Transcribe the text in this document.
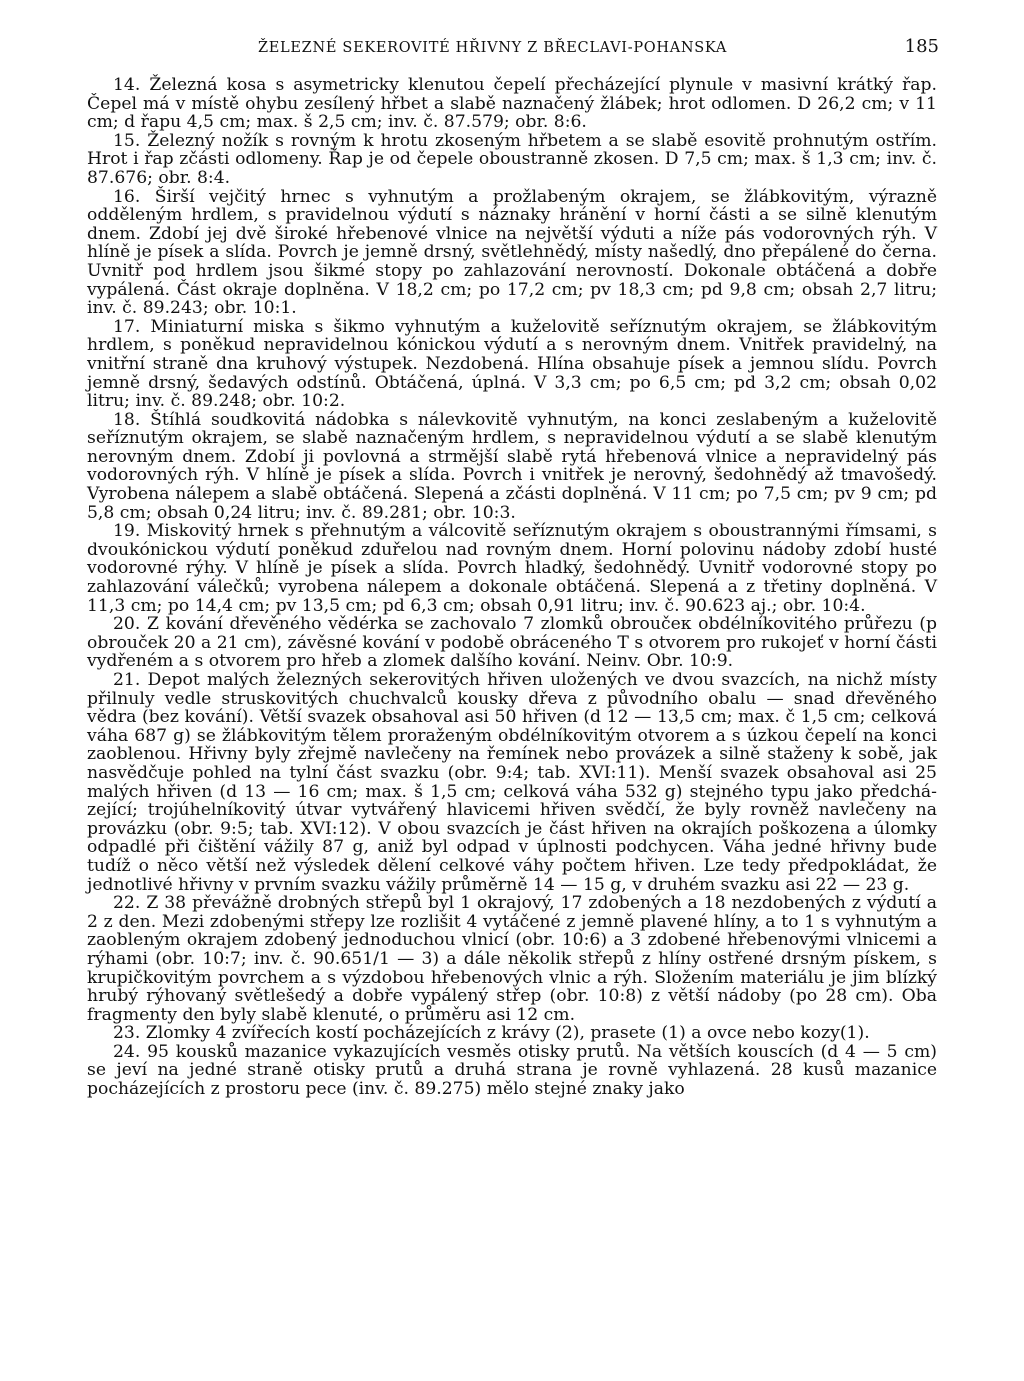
ŽELEZNÉ SEKEROVITÉ HŘIVNY Z BŘECLAVI-POHANSKA	185

14. Železná kosa s asymetricky klenutou čepelí přecházející plynule v masivní krátký řap. Čepel má v místě ohybu zesílený hřbet a slabě naznačený žlábek; hrot odlomen. D 26,2 cm; v 11 cm; d řapu 4,5 cm; max. š 2,5 cm; inv. č. 87.579; obr. 8:6.

15. Železný nožík s rovným k hrotu zkoseným hřbetem a se slabě esovitě prohnutým ostřím. Hrot i řap zčásti odlomeny. Řap je od čepele oboustranně zkosen. D 7,5 cm; max. š 1,3 cm; inv. č. 87.676; obr. 8:4.

16. Širší vejčitý hrnec s vyhnutým a prožlabeným okrajem, se žlábkovitým, výrazně odděleným hrdlem, s pravidelnou výdutí s náznaky hránění v horní části a se silně klenutým dnem. Zdobí jej dvě široké hřebenové vlnice na největší výduti a níže pás vodorovných rýh. V hlíně je písek a slída. Povrch je jemně drsný, světlehnědý, místy našedlý, dno přepálené do černa. Uvnitř pod hrdlem jsou šikmé stopy po zahlazování nerovností. Dokonale obtáčená a dobře vypálená. Část okraje doplněna. V 18,2 cm; po 17,2 cm; pv 18,3 cm; pd 9,8 cm; obsah 2,7 litru; inv. č. 89.243; obr. 10:1.

17. Miniaturní miska s šikmo vyhnutým a kuželovitě seříznutým okrajem, se žlábkovitým hrdlem, s poněkud nepravidelnou kónickou výdutí a s nerovným dnem. Vnitřek pravidelný, na vnitřní straně dna kruhový výstupek. Nezdobená. Hlína obsahuje písek a jemnou slídu. Povrch jemně drsný, šedavých odstínů. Obtáčená, úplná. V 3,3 cm; po 6,5 cm; pd 3,2 cm; obsah 0,02 litru; inv. č. 89.248; obr. 10:2.

18. Štíhlá soudkovitá nádobka s nálevkovitě vyhnutým, na konci zeslabeným a kuželovitě seříznutým okrajem, se slabě naznačeným hrdlem, s nepravidelnou výdutí a se slabě klenutým nerovným dnem. Zdobí ji povlovná a strmější slabě rytá hřebenová vlnice a nepravidelný pás vodorovných rýh. V hlíně je písek a slída. Povrch i vnitřek je nerovný, šedohnědý až tmavošedý. Vyrobena nálepem a slabě obtáčená. Slepená a zčásti doplněná. V 11 cm; po 7,5 cm; pv 9 cm; pd 5,8 cm; obsah 0,24 litru; inv. č. 89.281; obr. 10:3.

19. Miskovitý hrnek s přehnutým a válcovitě seříznutým okrajem s oboustrannými římsami, s dvoukónickou výdutí poněkud zduřelou nad rovným dnem. Horní polovinu nádoby zdobí husté vodorovné rýhy. V hlíně je písek a slída. Povrch hladký, šedohnědý. Uvnitř vodorovné stopy po zahlazování válečků; vyrobena nálepem a dokonale obtáčená. Slepená a z třetiny doplněná. V 11,3 cm; po 14,4 cm; pv 13,5 cm; pd 6,3 cm; obsah 0,91 litru; inv. č. 90.623 aj.; obr. 10:4.

20. Z kování dřevěného vědérka se zachovalo 7 zlomků obroučeк obdélníkovitého průřezu (p obrouček 20 a 21 cm), závěsné kování v podobě obráceného T s otvorem pro rukojeť v horní části vydřeném a s otvorem pro hřeb a zlomek dalšího kování. Neinv. Obr. 10:9.

21. Depot malých železných sekerovitých hřiven uložených ve dvou svazcích, na nichž místy přilnuly vedle struskovitých chuchvalců kousky dřeva z původního obalu — snad dřevěného vědra (bez kování). Větší svazek obsahoval asi 50 hřiven (d 12 — 13,5 cm; max. č 1,5 cm; celková váha 687 g) se žlábkovitým tělem proraženým obdélníkovitým otvorem a s úzkou čepelí na konci zaoblenou. Hřivny byly zřejmě navlečeny na řemínek nebo provázek a silně staženy k sobě, jak nasvědčuje pohled na tylní část svazku (obr. 9:4; tab. XVI:11). Menší svazek obsahoval asi 25 malých hřiven (d 13 — 16 cm; max. š 1,5 cm; celková váha 532 g) stejného typu jako předchá-zející; trojúhelníkovitý útvar vytvářený hlavicemi hřiven svědčí, že byly rovněž navlečeny na provázku (obr. 9:5; tab. XVI:12). V obou svazcích je část hřiven na okrajích poškozena a úlomky odpadlé při čištění vážily 87 g, aniž byl odpad v úplnosti podchycen. Váha jedné hřivny bude tudíž o něco větší než výsledek dělení celkové váhy počtem hřiven. Lze tedy předpokládat, že jednotlivé hřivny v prvním svazku vážily průměrně 14 — 15 g, v druhém svazku asi 22 — 23 g.

22. Z 38 převážně drobných střepů byl 1 okrajový, 17 zdobených a 18 nezdobených z výdutí a 2 z den. Mezi zdobenými střepy lze rozlišit 4 vytáčené z jemně plavené hlíny, a to 1 s vyhnutým a zaobleným okrajem zdobený jednoduchou vlnicí (obr. 10:6) a 3 zdobené hřebenovými vlnicemi a rýhami (obr. 10:7; inv. č. 90.651/1 — 3) a dále několik střepů z hlíny ostřené drsným pískem, s krupičkovitým povrchem a s výzdobou hřebenových vlnic a rýh. Složením materiálu je jim blízký hrubý rýhovaný světlešedý a dobře vypálený střep (obr. 10:8) z větší nádoby (po 28 cm). Oba fragmenty den byly slabě klenuté, o průměru asi 12 cm.

23. Zlomky 4 zvířecích kostí pocházejících z krávy (2), prasete (1) a ovce nebo kozy(1).

24. 95 kousků mazanice vykazujících vesměs otisky prutů. Na větších kouscích (d 4 — 5 cm) se jeví na jedné straně otisky prutů a druhá strana je rovně vyhlazená. 28 kusů mazanice pocházejících z prostoru pece (inv. č. 89.275) mělo stejné znaky jako
